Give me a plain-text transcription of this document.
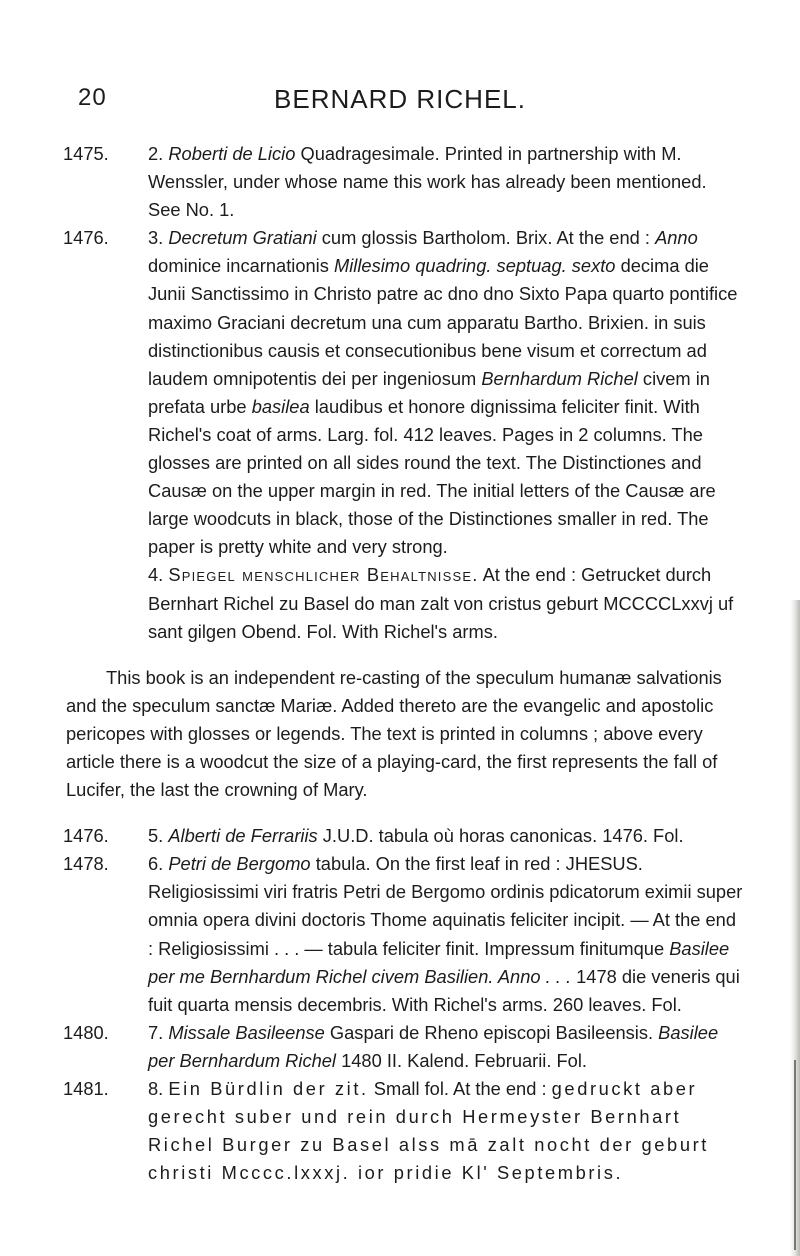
20	BERNARD RICHEL.

1475. 2. Roberti de Licio Quadragesimale. Printed in partnership with M. Wenssler, under whose name this work has already been mentioned. See No. 1.

1476. 3. Decretum Gratiani cum glossis Bartholom. Brix. At the end : Anno dominice incarnationis Millesimo quadring. septuag. sexto decima die Junii Sanctissimo in Christo patre ac dno dno Sixto Papa quarto pontifice maximo Graciani decretum una cum apparatu Bartho. Brixien. in suis distinctionibus causis et consecutionibus bene visum et correctum ad laudem omnipotentis dei per ingeniosum Bernhardum Richel civem in prefata urbe basilea laudibus et honore dignissima feliciter finit. With Richel's coat of arms. Larg. fol. 412 leaves. Pages in 2 columns. The glosses are printed on all sides round the text. The Distinctiones and Causæ on the upper margin in red. The initial letters of the Causæ are large woodcuts in black, those of the Distinctiones smaller in red. The paper is pretty white and very strong.

4. Spiegel menschlicher Behaltnisse. At the end : Getrucket durch Bernhart Richel zu Basel do man zalt von cristus geburt MCCCCLxxvj uf sant gilgen Obend. Fol. With Richel's arms.

This book is an independent re-casting of the speculum humanæ salvationis and the speculum sanctæ Mariæ. Added thereto are the evangelic and apostolic pericopes with glosses or legends. The text is printed in columns ; above every article there is a woodcut the size of a playing-card, the first represents the fall of Lucifer, the last the crowning of Mary.

1476. 5. Alberti de Ferrariis J.U.D. tabula où horas canonicas. 1476. Fol.

1478. 6. Petri de Bergomo tabula. On the first leaf in red : JHESUS. Religiosissimi viri fratris Petri de Bergomo ordinis pdicatorum eximii super omnia opera divini doctoris Thome aquinatis feliciter incipit. — At the end : Religiosissimi . . . — tabula feliciter finit. Impressum finitumque Basilee per me Bernhardum Richel civem Basilien. Anno . . . 1478 die veneris qui fuit quarta mensis decembris. With Richel's arms. 260 leaves. Fol.

1480. 7. Missale Basileense Gaspari de Rheno episcopi Basileensis. Basilee per Bernhardum Richel 1480 II. Kalend. Februarii. Fol.

1481. 8. Ein Bürdlin der zit. Small fol. At the end : gedruckt aber gerecht suber und rein durch Hermeyster Bernhart Richel Burger zu Basel alss mā zalt nocht der geburt christi Mcccc.lxxxj. ior pridie Kl' Septembris.
